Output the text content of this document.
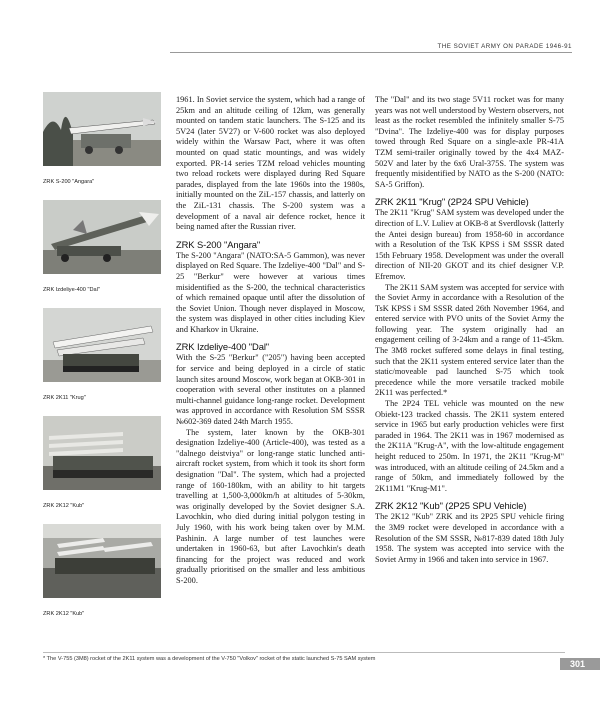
THE SOVIET ARMY ON PARADE 1946-91
ZRK S-200 "Angara"
ZRK Izdeliye-400 "Dal"
ZRK 2K11 "Krug"
ZRK 2K12 "Kub"
ZRK 2K12 "Kub"

1961. In Soviet service the system, which had a range of 25km and an altitude ceiling of 12km, was generally mounted on tandem static launchers. The S-125 and its 5V24 (later 5V27) or V-600 rocket was also deployed widely within the Warsaw Pact, where it was often mounted on quad static mountings, and was widely exported. PR-14 series TZM reload vehicles mounting two reload rockets were displayed during Red Square parades, displayed from the late 1960s into the 1980s, initially mounted on the ZiL-157 chassis, and latterly on the ZiL-131 chassis. The S-200 system was a development of a naval air defence rocket, hence it being named after the Russian river.

ZRK S-200 "Angara"

The S-200 "Angara" (NATO:SA-5 Gammon), was never displayed on Red Square. The Izdeliye-400 "Dal" and S-25 "Berkur" were however at various times misidentified as the S-200, the technical characteristics of which remained opaque until after the dissolution of the Soviet Union. Though never displayed in Moscow, the system was displayed in other cities including Kiev and Kharkov in Ukraine.

ZRK Izdeliye-400 "Dal"

With the S-25 "Berkur" ("205") having been accepted for service and being deployed in a circle of static launch sites around Moscow, work began at OKB-301 in cooperation with several other institutes on a planned multi-channel guidance long-range rocket. Development was approved in accordance with Resolution SM SSSR №602-369 dated 24th March 1955.

The system, later known by the OKB-301 designation Izdeliye-400 (Article-400), was tested as a "dalnego deistviya" or long-range static lunched anti-aircraft rocket system, from which it took its short form designation "Dal". The system, which had a projected range of 160-180km, with an ability to hit targets travelling at 1,500-3,000km/h at altitudes of 5-30km, was originally developed by the Soviet designer S.A. Lavochkin, who died during initial polygon testing in July 1960, with his work being taken over by M.M. Pashinin. A large number of test launches were undertaken in 1960-63, but after Lavochkin's death financing for the project was reduced and work gradually prioritised on the smaller and less ambitious S-200.

The "Dal" and its two stage 5V11 rocket was for many years was not well understood by Western observers, not least as the rocket resembled the infinitely smaller S-75 "Dvina". The Izdeliye-400 was for display purposes towed through Red Square on a single-axle PR-41A TZM semi-trailer originally towed by the 4x4 MAZ-502V and later by the 6x6 Ural-375S. The system was frequently misidentified by NATO as the S-200 (NATO: SA-5 Griffon).

ZRK 2K11 "Krug" (2P24 SPU Vehicle)

The 2K11 "Krug" SAM system was developed under the direction of L.V. Luliev at OKB-8 at Sverdlovsk (latterly the Antei design bureau) from 1958-60 in accordance with a Resolution of the TsK KPSS i SM SSSR dated 15th February 1958. Development was under the overall direction of NII-20 GKOT and its chief designer V.P. Efremov.

The 2K11 SAM system was accepted for service with the Soviet Army in accordance with a Resolution of the TsK KPSS i SM SSSR dated 26th November 1964, and entered service with PVO units of the Soviet Army the following year. The system originally had an engagement ceiling of 3-24km and a range of 11-45km. The 3M8 rocket suffered some delays in final testing, such that the 2K11 system entered service later than the static/moveable pad launched S-75 which took precedence while the more versatile tracked mobile 2K11 was perfected.*

The 2P24 TEL vehicle was mounted on the new Obiekt-123 tracked chassis. The 2K11 system entered service in 1965 but early production vehicles were first paraded in 1964. The 2K11 was in 1967 modernised as the 2K11A "Krug-A", with the low-altitude engagement height reduced to 250m. In 1971, the 2K11 "Krug-M" was introduced, with an altitude ceiling of 24.5km and a range of 50km, and immediately followed by the 2K11M1 "Krug-M1".

ZRK 2K12 "Kub" (2P25 SPU Vehicle)

The 2K12 "Kub" ZRK and its 2P25 SPU vehicle firing the 3M9 rocket were developed in accordance with a Resolution of the SM SSSR, №817-839 dated 18th July 1958. The system was accepted into service with the Soviet Army in 1966 and taken into service in 1967.

* The V-755 (3M8) rocket of the 2K11 system was a development of the V-750 "Volkov" rocket of the static launched S-75 SAM system	301
